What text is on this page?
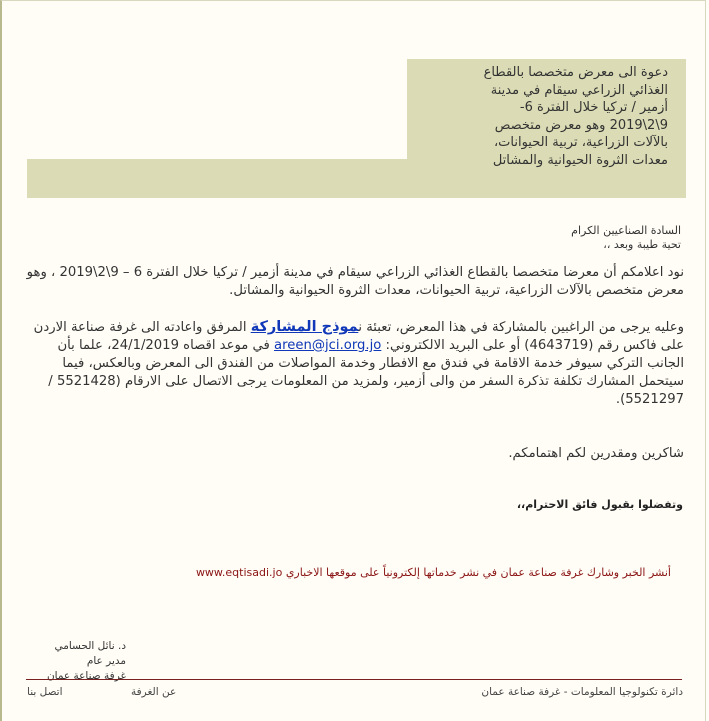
دعوة الى معرض متخصصا بالقطاع
الغذائي الزراعي سيقام في مدينة
أزمير / تركيا خلال الفترة 6-
9\2\2019 وهو معرض متخصص
بالآلات الزراعية، تربية الحيوانات،
معدات الثروة الحيوانية والمشاتل
السادة الصناعيين الكرام
تحية طيبة وبعد ،،

نود اعلامكم أن معرضا متخصصا بالقطاع الغذائي الزراعي سيقام في مدينة أزمير / تركيا خلال الفترة 6 – 9\2\2019 ، وهو معرض متخصص بالآلات الزراعية، تربية الحيوانات، معدات الثروة الحيوانية والمشاتل.

وعليه يرجى من الراغبين بالمشاركة في هذا المعرض، تعبئة نموذج المشاركة المرفق واعادته الى غرفة صناعة الاردن على فاكس رقم (4643719) أو على البريد الالكتروني: areen@jci.org.jo في موعد اقصاه 24/1/2019، علما بأن الجانب التركي سيوفر خدمة الاقامة في فندق مع الافطار وخدمة المواصلات من الفندق الى المعرض وبالعكس، فيما سيتحمل المشارك تكلفة تذكرة السفر من والى أزمير، ولمزيد من المعلومات يرجى الاتصال على الارقام (5521428 / 5521297).

شاكرين ومقدرين لكم اهتمامكم.

وتفضلوا بقبول فائق الاحترام،،
أنشر الخبر وشارك غرفة صناعة عمان في نشر خدماتها إلكترونياً على موقعها الاخباري www.eqtisadi.jo
د. نائل الحسامي
مدير عام
غرفة صناعة عمان
دائرة تكنولوجيا المعلومات - غرفة صناعة عمان
اتصل بنا	عن الغرفة
